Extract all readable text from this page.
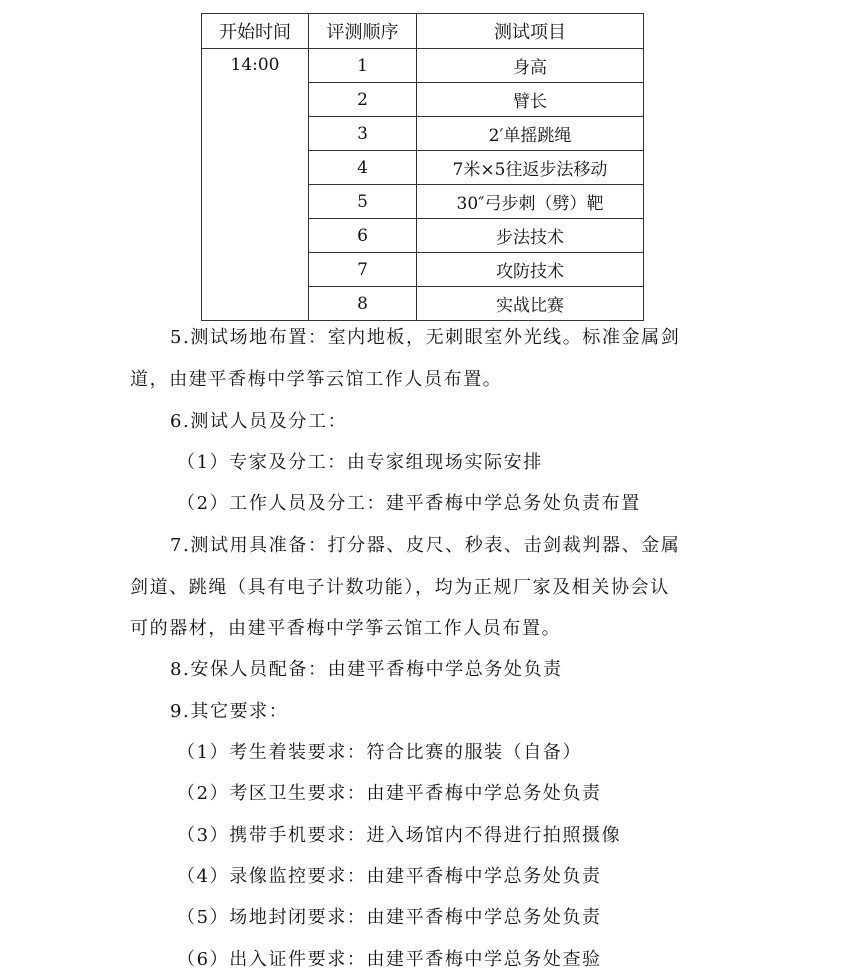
开始时间	评测顺序	测试项目
14:00	1	身高
	2	臂长
	3	2′单摇跳绳
	4	7米×5往返步法移动
	5	30″弓步刺（劈）靶
	6	步法技术
	7	攻防技术
	8	实战比赛

5.测试场地布置：室内地板，无刺眼室外光线。标准金属剑

道，由建平香梅中学筝云馆工作人员布置。

6.测试人员及分工：

（1）专家及分工：由专家组现场实际安排

（2）工作人员及分工：建平香梅中学总务处负责布置

7.测试用具准备：打分器、皮尺、秒表、击剑裁判器、金属

剑道、跳绳（具有电子计数功能），均为正规厂家及相关协会认

可的器材，由建平香梅中学筝云馆工作人员布置。

8.安保人员配备：由建平香梅中学总务处负责

9.其它要求：

（1）考生着装要求：符合比赛的服装（自备）

（2）考区卫生要求：由建平香梅中学总务处负责

（3）携带手机要求：进入场馆内不得进行拍照摄像

（4）录像监控要求：由建平香梅中学总务处负责

（5）场地封闭要求：由建平香梅中学总务处负责

（6）出入证件要求：由建平香梅中学总务处查验
